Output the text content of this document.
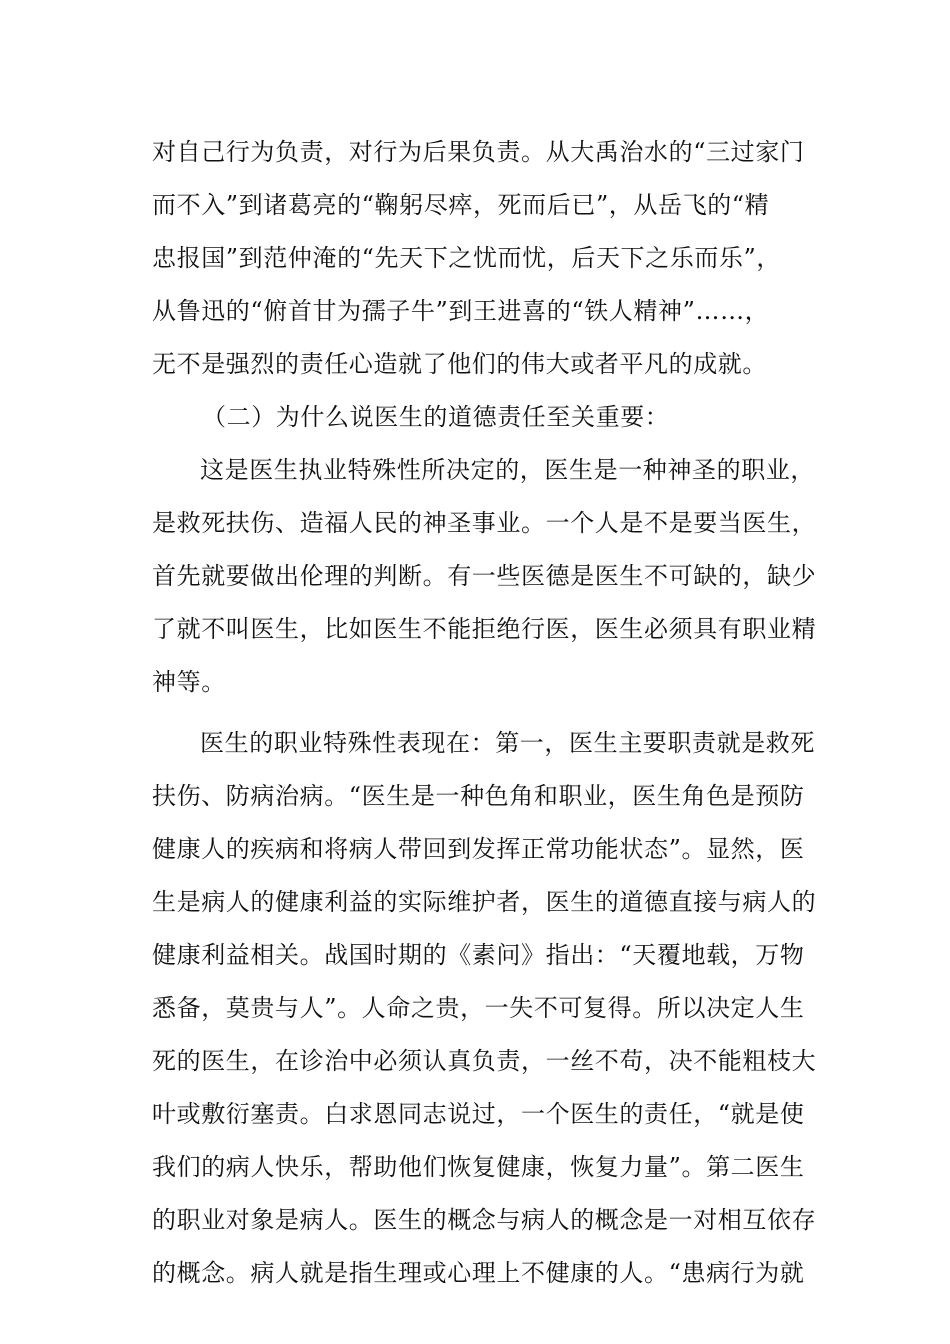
对自己行为负责，对行为后果负责。从大禹治水的“三过家门
而不入”到诸葛亮的“鞠躬尽瘁，死而后已”，从岳飞的“精
忠报国”到范仲淹的“先天下之忧而忧，后天下之乐而乐”，
从鲁迅的“俯首甘为孺子牛”到王进喜的“铁人精神”……，
无不是强烈的责任心造就了他们的伟大或者平凡的成就。
（二）为什么说医生的道德责任至关重要：
这是医生执业特殊性所决定的，医生是一种神圣的职业，
是救死扶伤、造福人民的神圣事业。一个人是不是要当医生，
首先就要做出伦理的判断。有一些医德是医生不可缺的，缺少
了就不叫医生，比如医生不能拒绝行医，医生必须具有职业精
神等。
医生的职业特殊性表现在：第一，医生主要职责就是救死
扶伤、防病治病。“医生是一种色角和职业，医生角色是预防
健康人的疾病和将病人带回到发挥正常功能状态”。显然，医
生是病人的健康利益的实际维护者，医生的道德直接与病人的
健康利益相关。战国时期的《素问》指出：“天覆地载，万物
悉备，莫贵与人”。人命之贵，一失不可复得。所以决定人生
死的医生，在诊治中必须认真负责，一丝不苟，决不能粗枝大
叶或敷衍塞责。白求恩同志说过，一个医生的责任，“就是使
我们的病人快乐，帮助他们恢复健康，恢复力量”。第二医生
的职业对象是病人。医生的概念与病人的概念是一对相互依存
的概念。病人就是指生理或心理上不健康的人。“患病行为就
